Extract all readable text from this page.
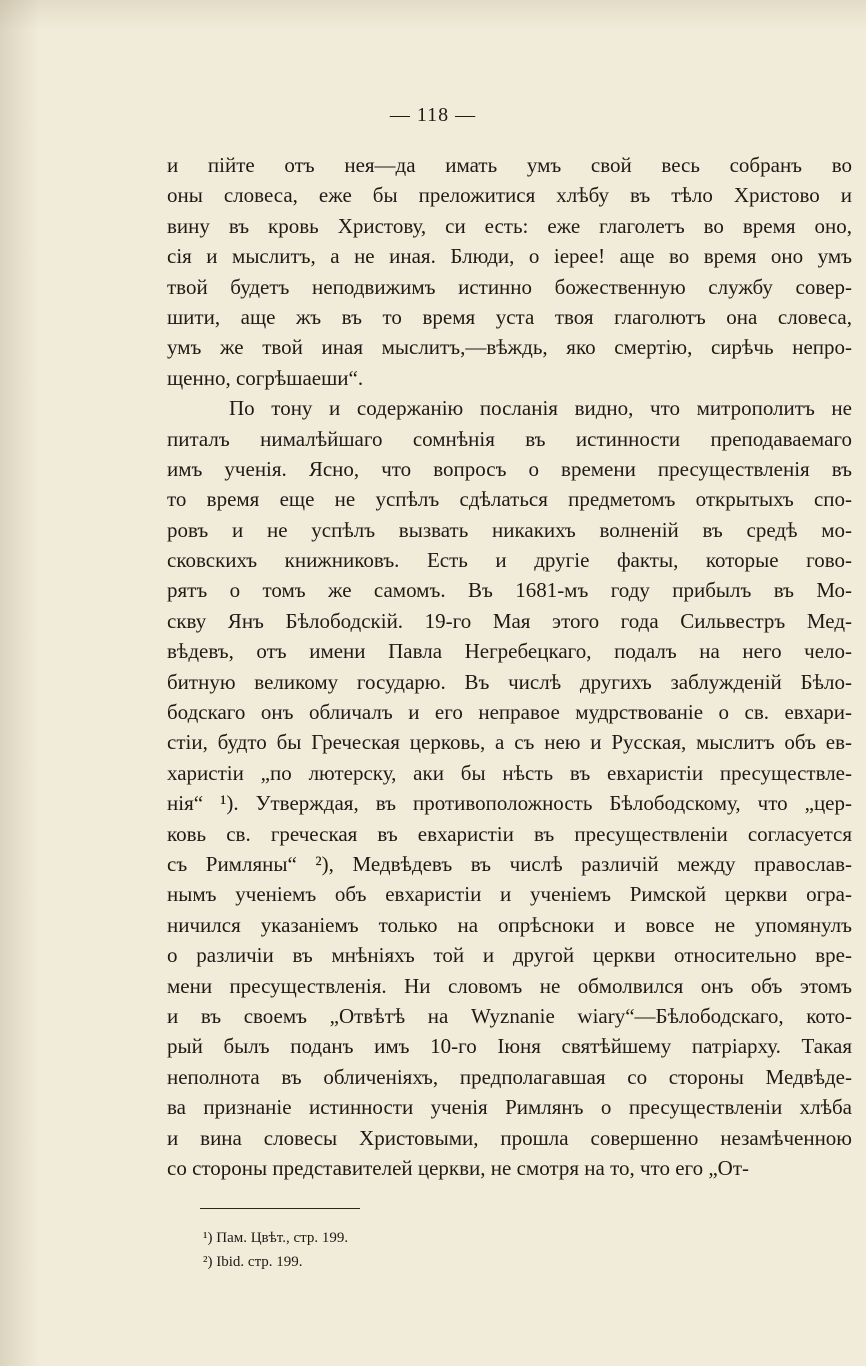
— 118 —
и пійте отъ нея—да имать умъ свой весь собранъ во
оны словеса, еже бы преложитися хлѣбу въ тѣло Христово и
вину въ кровь Христову, си есть: еже глаголетъ во время оно,
сія и мыслитъ, а не иная. Блюди, о іерее! аще во время оно умъ
твой будетъ неподвижимъ истинно божественную службу совер-
шити, аще жъ въ то время уста твоя глаголютъ она словеса,
умъ же твой иная мыслитъ,—вѣждь, яко смертію, сирѣчь непро-
щенно, согрѣшаеши“.
По тону и содержанію посланія видно, что митрополитъ не
питалъ нималѣйшаго сомнѣнія въ истинности преподаваемаго
имъ ученія. Ясно, что вопросъ о времени пресуществленія въ
то время еще не успѣлъ сдѣлаться предметомъ открытыхъ спо-
ровъ и не успѣлъ вызвать никакихъ волненій въ средѣ мо-
сковскихъ книжниковъ. Есть и другіе факты, которые гово-
рятъ о томъ же самомъ. Въ 1681-мъ году прибылъ въ Мо-
скву Янъ Бѣлободскій. 19-го Мая этого года Сильвестръ Мед-
вѣдевъ, отъ имени Павла Негребецкаго, подалъ на него чело-
битную великому государю. Въ числѣ другихъ заблужденій Бѣло-
бодскаго онъ обличалъ и его неправое мудрствованіе о св. евхари-
стіи, будто бы Греческая церковь, а съ нею и Русская, мыслитъ объ ев-
харистіи „по лютерску, аки бы нѣсть въ евхаристіи пресуществле-
нія“ ¹). Утверждая, въ противоположность Бѣлободскому, что „цер-
ковь св. греческая въ евхаристіи въ пресуществленіи согласуется
съ Римляны“ ²), Медвѣдевъ въ числѣ различій между православ-
нымъ ученіемъ объ евхаристіи и ученіемъ Римской церкви огра-
ничился указаніемъ только на опрѣсноки и вовсе не упомянулъ
о различіи въ мнѣніяхъ той и другой церкви относительно вре-
мени пресуществленія. Ни словомъ не обмолвился онъ объ этомъ
и въ своемъ „Отвѣтѣ на Wyznanie wiary“—Бѣлободскаго, кото-
рый былъ поданъ имъ 10-го Іюня святѣйшему патріарху. Такая
неполнота въ обличеніяхъ, предполагавшая со стороны Медвѣде-
ва признаніе истинности ученія Римлянъ о пресуществленіи хлѣба
и вина словесы Христовыми, прошла совершенно незамѣченною
со стороны представителей церкви, не смотря на то, что его „От-
¹) Пам. Цвѣт., стр. 199.
²) Ibid. стр. 199.
